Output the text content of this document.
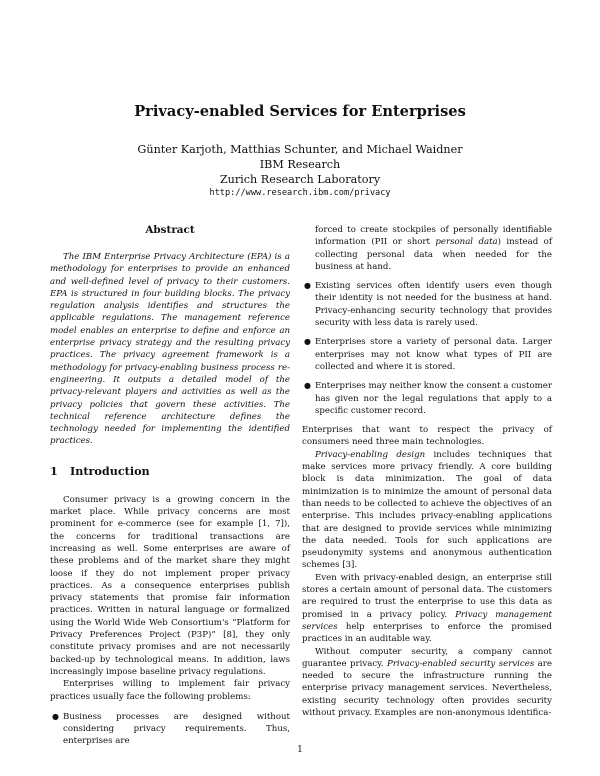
Privacy-enabled Services for Enterprises
Günter Karjoth, Matthias Schunter, and Michael Waidner
IBM Research
Zurich Research Laboratory
http://www.research.ibm.com/privacy
Abstract

The IBM Enterprise Privacy Architecture (EPA) is a methodology for enterprises to provide an enhanced and well-defined level of privacy to their customers. EPA is structured in four building blocks. The privacy regulation analysis identifies and structures the applicable regulations. The management reference model enables an enterprise to define and enforce an enterprise privacy strategy and the resulting privacy practices. The privacy agreement framework is a methodology for privacy-enabling business process re-engineering. It outputs a detailed model of the privacy-relevant players and activities as well as the privacy policies that govern these activities. The technical reference architecture defines the technology needed for implementing the identified practices.

1 Introduction

Consumer privacy is a growing concern in the market place. While privacy concerns are most prominent for e-commerce (see for example [1, 7]), the concerns for traditional transactions are increasing as well. Some enterprises are aware of these problems and of the market share they might loose if they do not implement proper privacy practices. As a consequence enterprises publish privacy statements that promise fair information practices. Written in natural language or formalized using the World Wide Web Consortium's “Platform for Privacy Preferences Project (P3P)” [8], they only constitute privacy promises and are not necessarily backed-up by technological means. In addition, laws increasingly impose baseline privacy regulations.

Enterprises willing to implement fair privacy practices usually face the following problems:

● Business processes are designed without considering privacy requirements. Thus, enterprises are
forced to create stockpiles of personally identifiable information (PII or short personal data) instead of collecting personal data when needed for the business at hand.
● Existing services often identify users even though their identity is not needed for the business at hand. Privacy-enhancing security technology that provides security with less data is rarely used.
● Enterprises store a variety of personal data. Larger enterprises may not know what types of PII are collected and where it is stored.
● Enterprises may neither know the consent a customer has given nor the legal regulations that apply to a specific customer record.

Enterprises that want to respect the privacy of consumers need three main technologies.

Privacy-enabling design includes techniques that make services more privacy friendly. A core building block is data minimization. The goal of data minimization is to minimize the amount of personal data than needs to be collected to achieve the objectives of an enterprise. This includes privacy-enabling applications that are designed to provide services while minimizing the data needed. Tools for such applications are pseudonymity systems and anonymous authentication schemes [3].

Even with privacy-enabled design, an enterprise still stores a certain amount of personal data. The customers are required to trust the enterprise to use this data as promised in a privacy policy. Privacy management services help enterprises to enforce the promised practices in an auditable way.

Without computer security, a company cannot guarantee privacy. Privacy-enabled security services are needed to secure the infrastructure running the enterprise privacy management services. Nevertheless, existing security technology often provides security without privacy. Examples are non-anonymous identifica-

1
